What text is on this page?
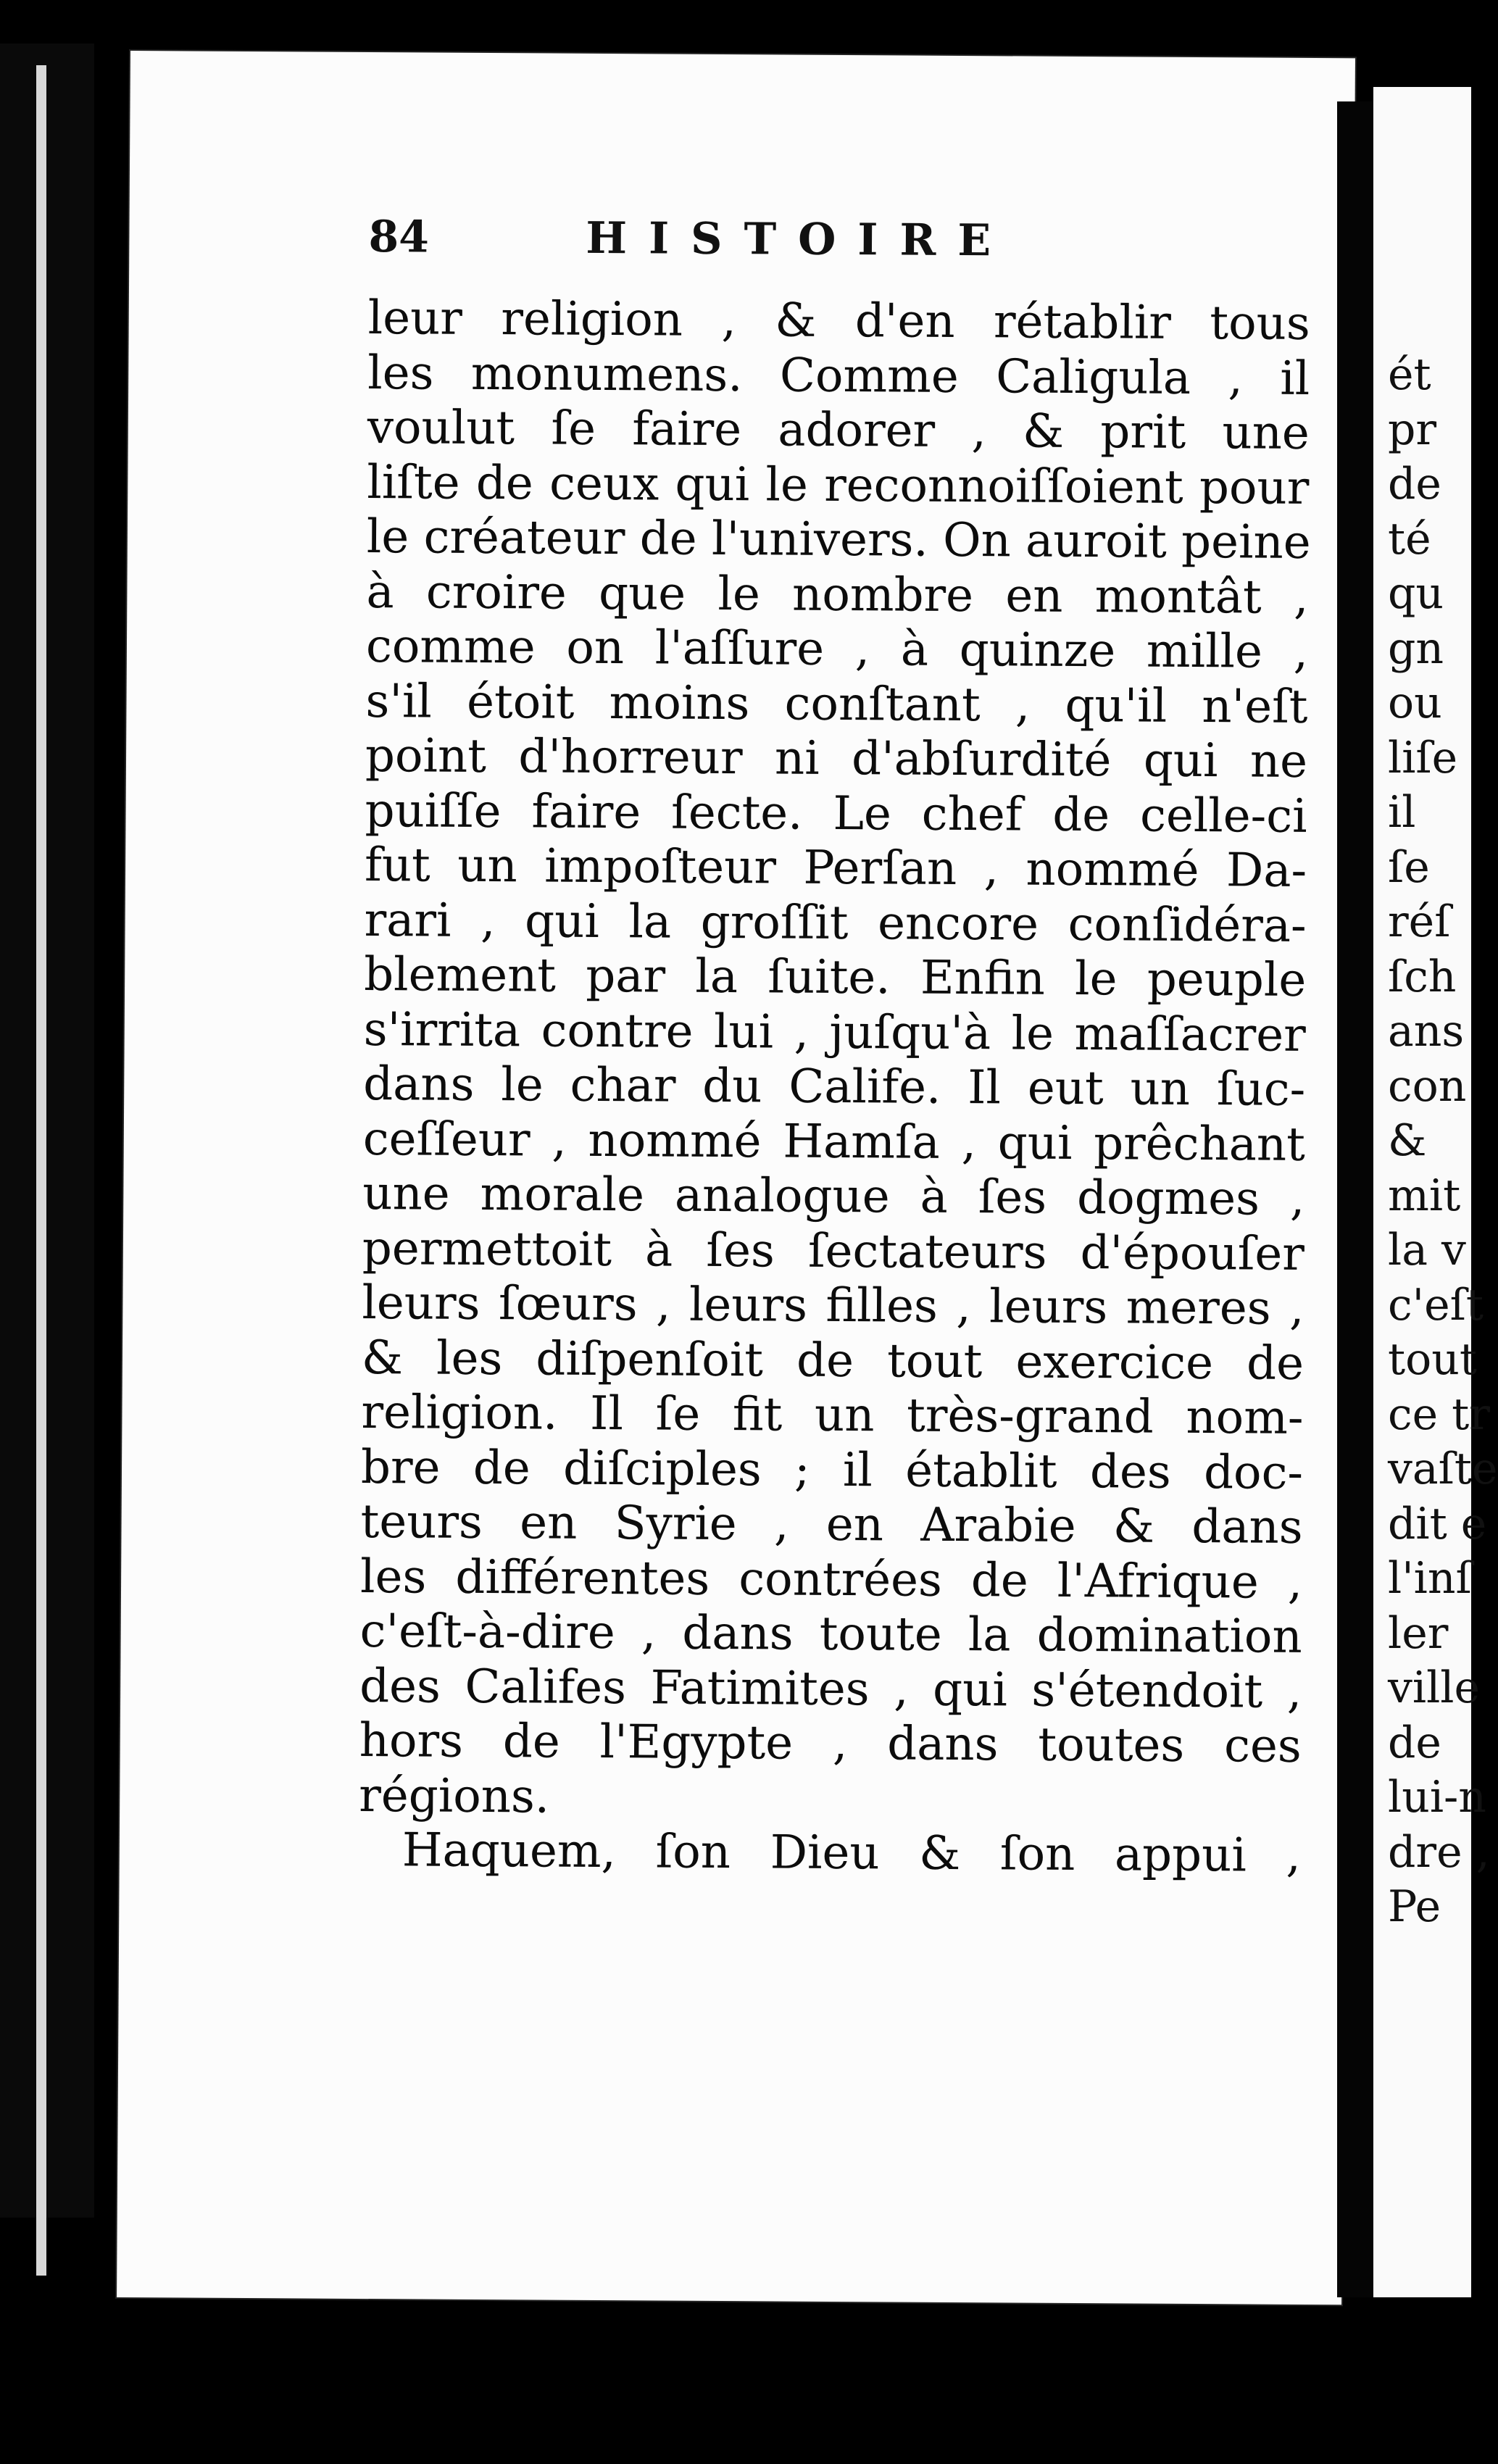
84	HISTOIRE
leur religion , & d'en rétablir tous
les monumens. Comme Caligula , il
voulut ſe faire adorer , & prit une
liſte de ceux qui le reconnoiſſoient pour
le créateur de l'univers. On auroit peine
à croire que le nombre en montât ,
comme on l'aſſure , à quinze mille ,
s'il étoit moins conſtant , qu'il n'eſt
point d'horreur ni d'abſurdité qui ne
puiſſe faire ſecte. Le chef de celle-ci
fut un impoſteur Perſan , nommé Da-
rari , qui la groſſit encore conſidéra-
blement par la ſuite. Enfin le peuple
s'irrita contre lui , juſqu'à le maſſacrer
dans le char du Calife. Il eut un ſuc-
ceſſeur , nommé Hamſa , qui prêchant
une morale analogue à ſes dogmes ,
permettoit à ſes ſectateurs d'épouſer
leurs ſœurs , leurs filles , leurs meres ,
& les diſpenſoit de tout exercice de
religion. Il ſe fit un très-grand nom-
bre de diſciples ; il établit des doc-
teurs en Syrie , en Arabie & dans
les différentes contrées de l'Afrique ,
c'eſt-à-dire , dans toute la domination
des Califes Fatimites , qui s'étendoit ,
hors de l'Egypte , dans toutes ces
régions.
Haquem, ſon Dieu & ſon appui ,
ét
pr
de
té
qu
gn
ou
liſe
il
ſe
réſ
ſch
ans
con
&
mit
la v
c'eſt
tout
ce tr
vaſte
dit e
l'inſ
ler
ville
de
lui-n
dre ,
Pe
